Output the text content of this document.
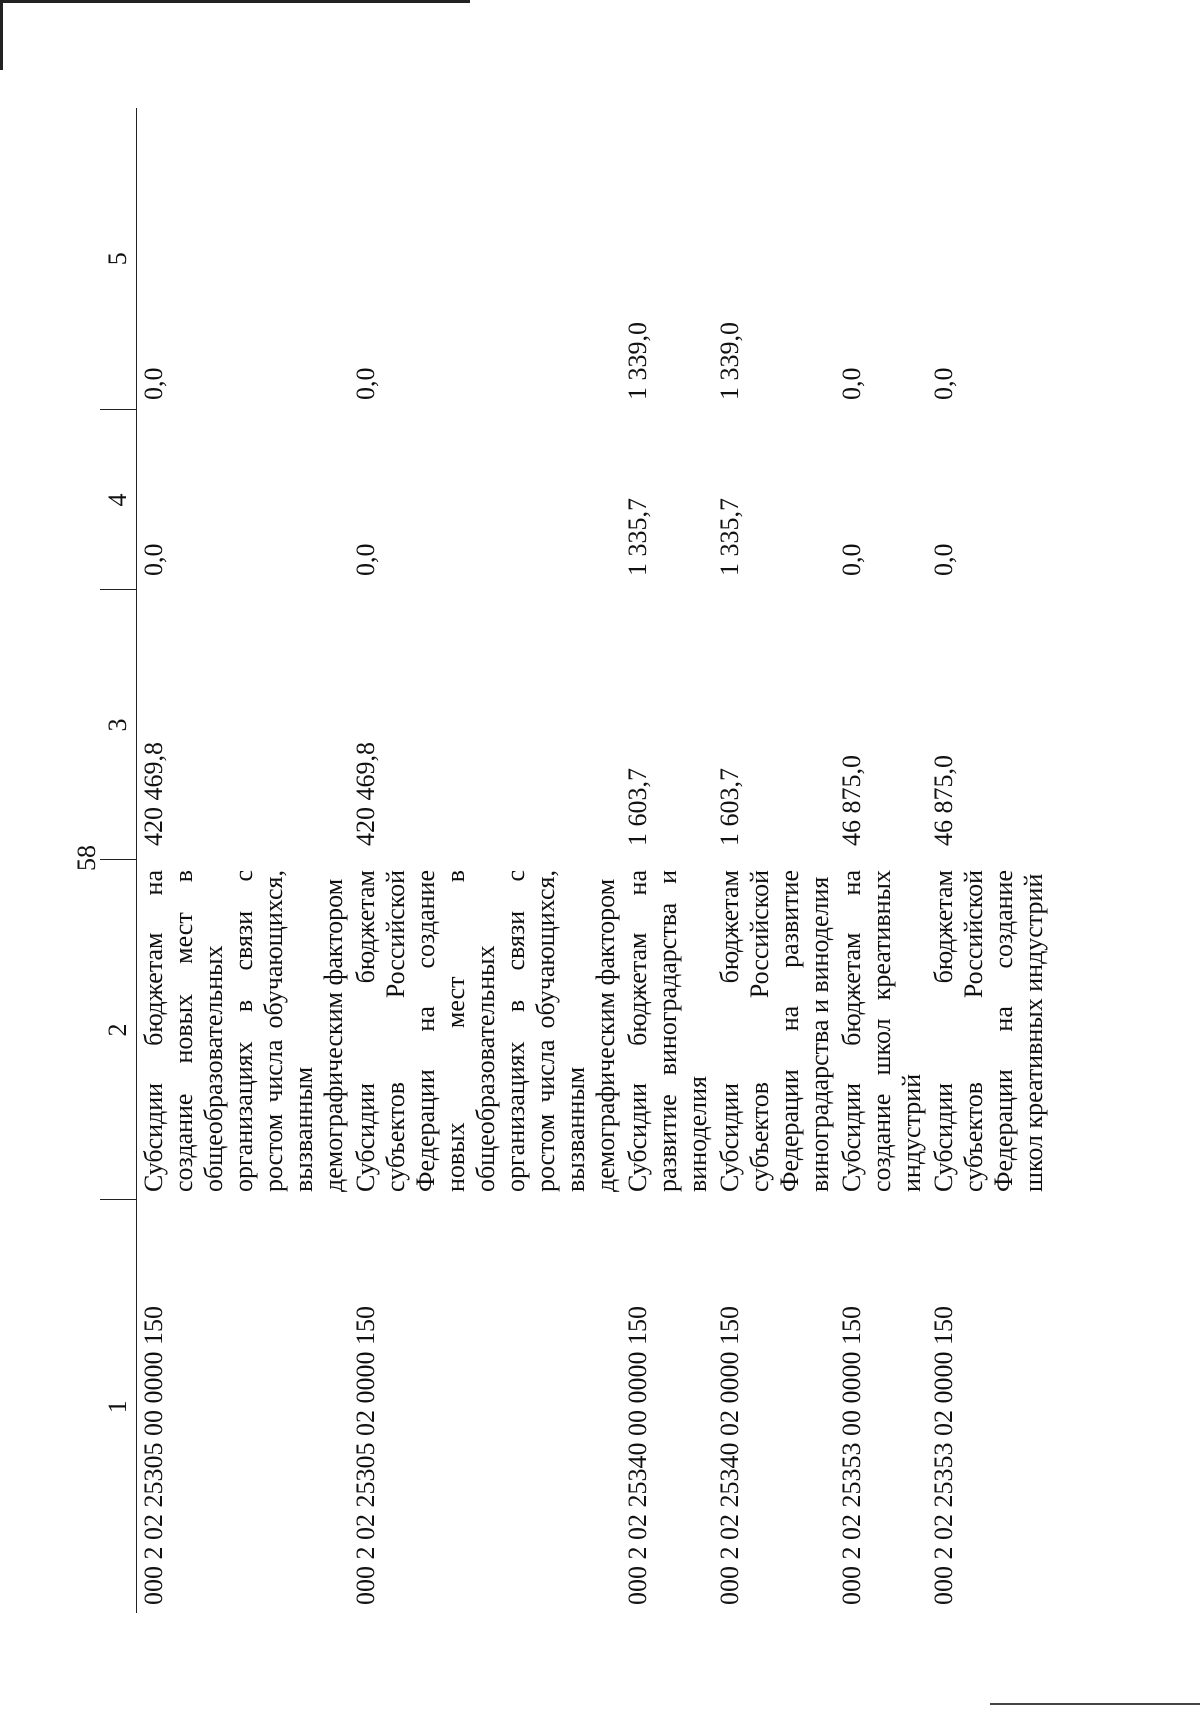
58
1	2	3	4	5
000 2 02 25305 00 0000 150	Субсидии бюджетам на создание новых мест в общеобразовательных организациях в связи с ростом числа обучающихся, вызванным демографическим фактором	420 469,8	0,0	0,0
000 2 02 25305 02 0000 150	Субсидии бюджетам субъектов Российской Федерации на создание новых мест в общеобразовательных организациях в связи с ростом числа обучающихся, вызванным демографическим фактором	420 469,8	0,0	0,0
000 2 02 25340 00 0000 150	Субсидии бюджетам на развитие виноградарства и виноделия	1 603,7	1 335,7	1 339,0
000 2 02 25340 02 0000 150	Субсидии бюджетам субъектов Российской Федерации на развитие виноградарства и виноделия	1 603,7	1 335,7	1 339,0
000 2 02 25353 00 0000 150	Субсидии бюджетам на создание школ креативных индустрий	46 875,0	0,0	0,0
000 2 02 25353 02 0000 150	Субсидии бюджетам субъектов Российской Федерации на создание школ креативных индустрий	46 875,0	0,0	0,0
